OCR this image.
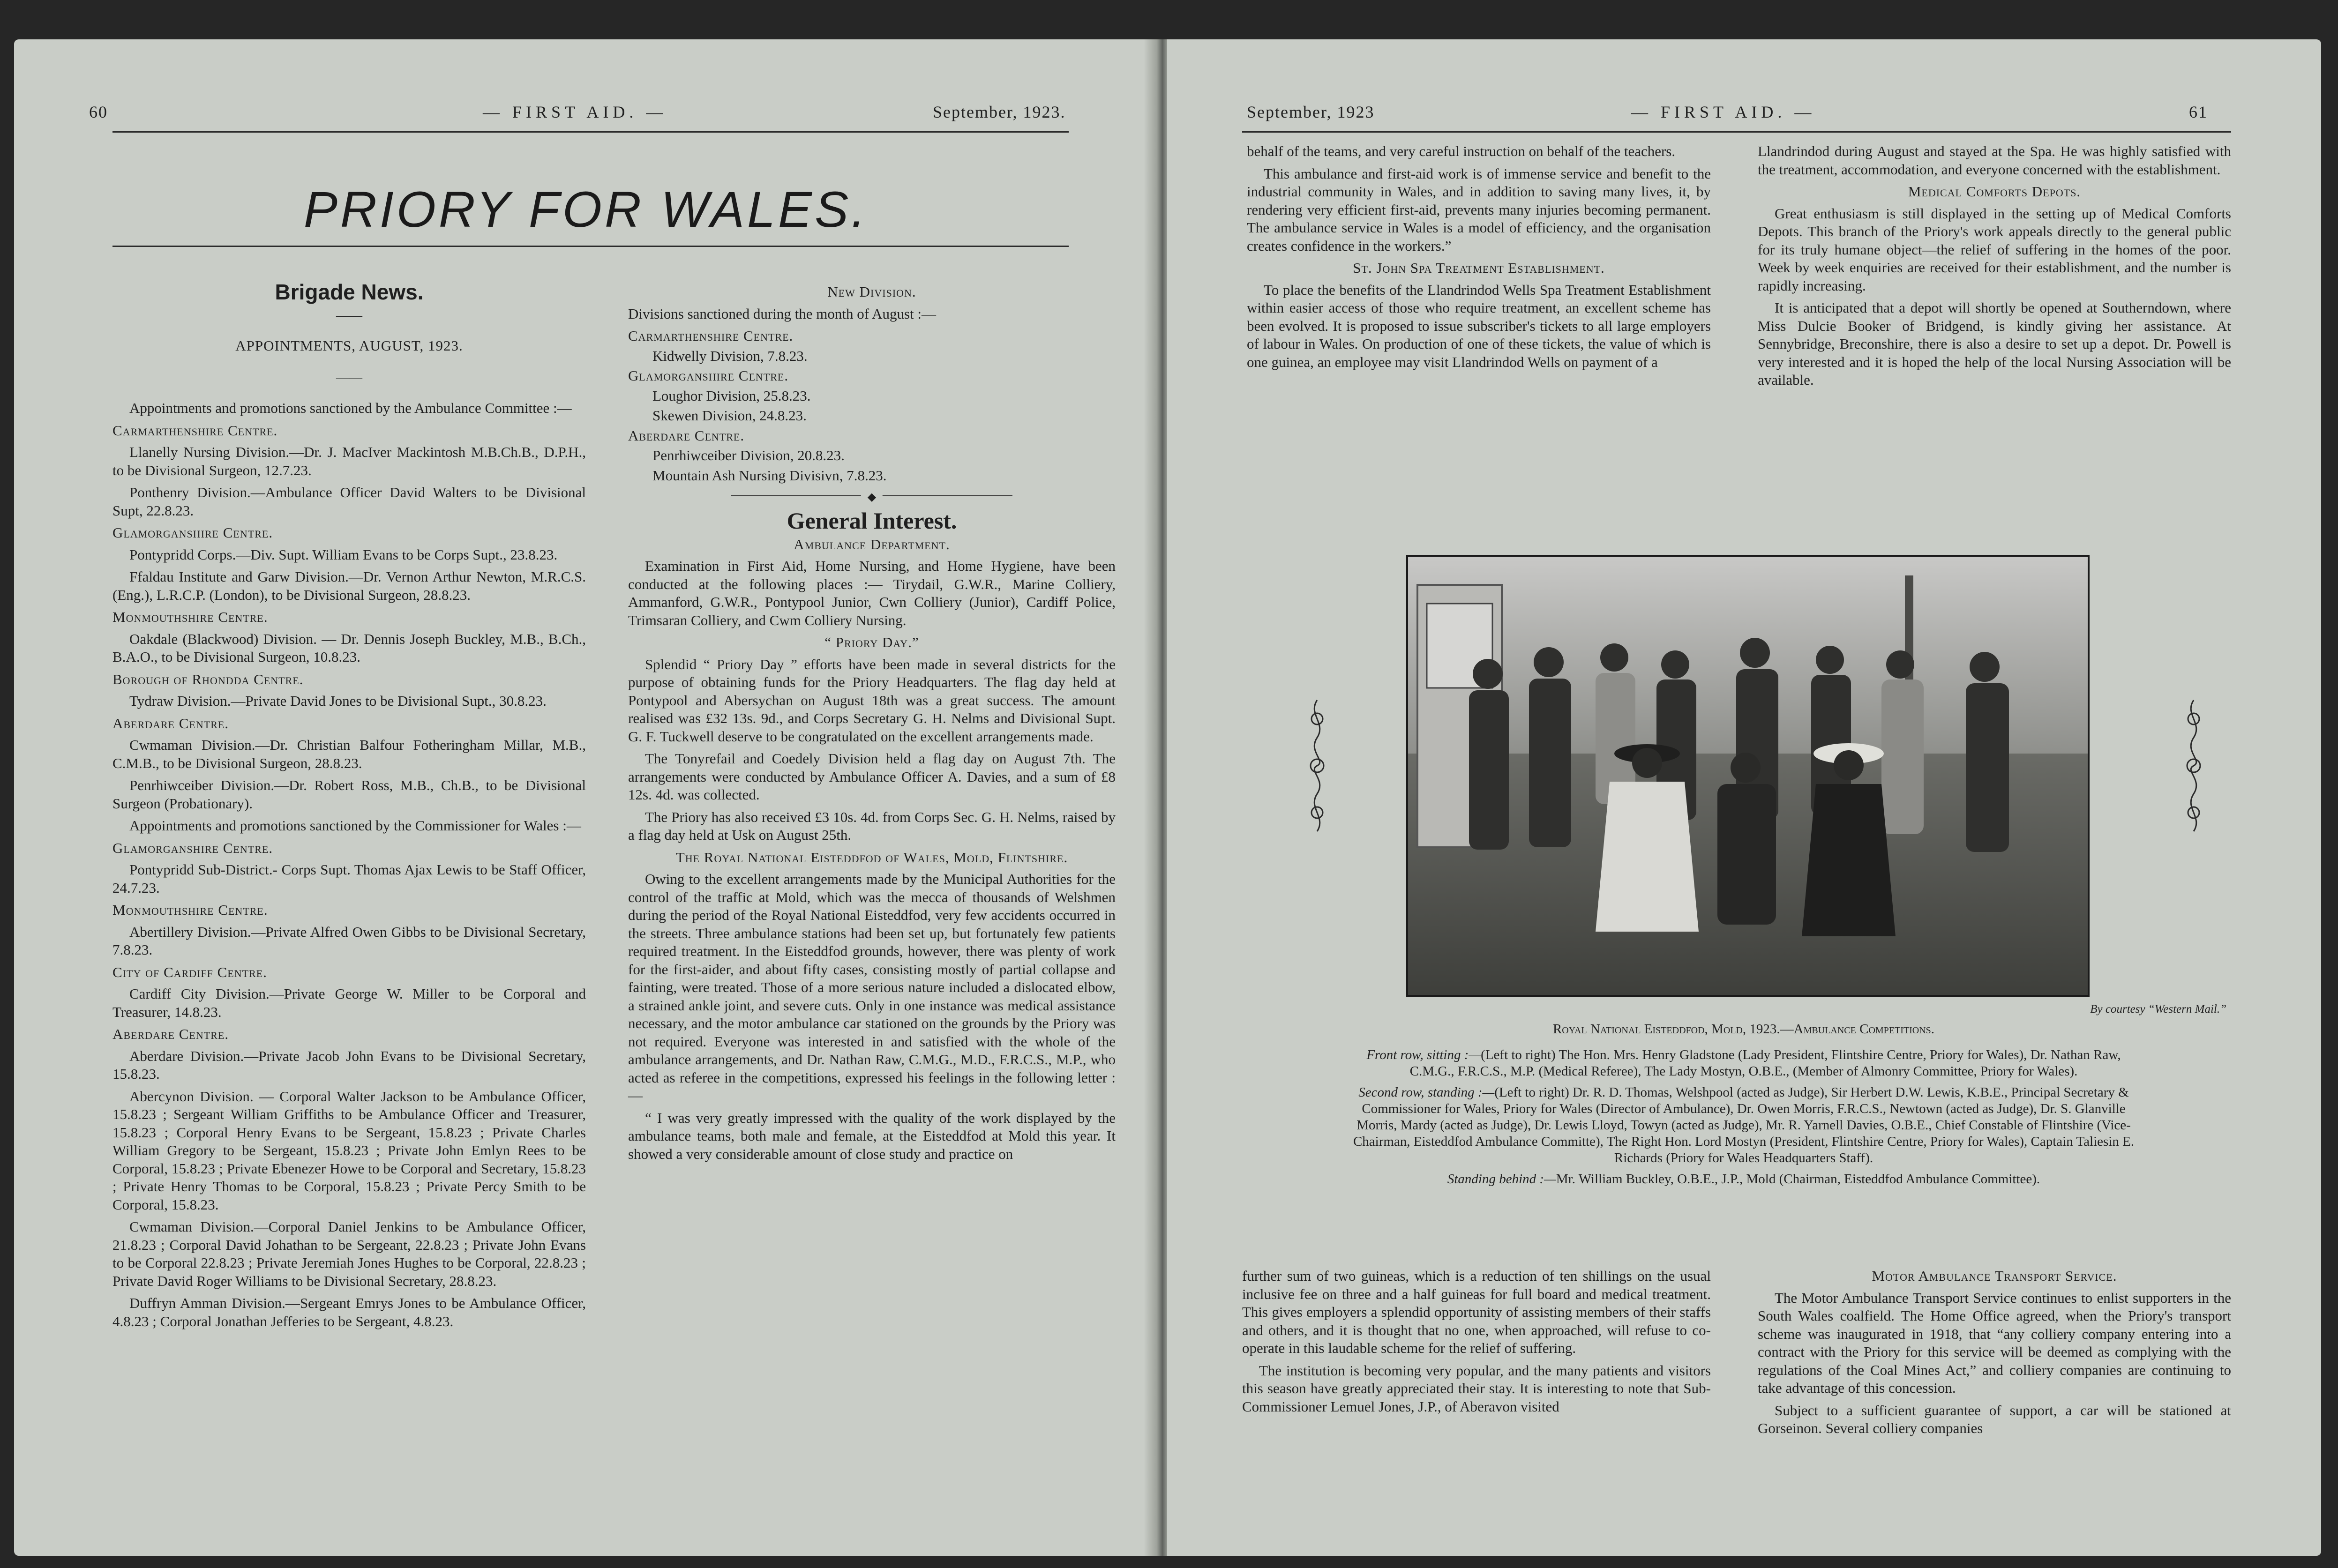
60	— FIRST AID. —	September, 1923.
PRIORY FOR WALES.
Brigade News.
——
APPOINTMENTS, AUGUST, 1923.
——

Appointments and promotions sanctioned by the Ambulance Committee :—

Carmarthenshire Centre.

Llanelly Nursing Division.—Dr. J. MacIver Mackintosh M.B.Ch.B., D.P.H., to be Divisional Surgeon, 12.7.23.

Ponthenry Division.—Ambulance Officer David Walters to be Divisional Supt, 22.8.23.

Glamorganshire Centre.

Pontypridd Corps.—Div. Supt. William Evans to be Corps Supt., 23.8.23.

Ffaldau Institute and Garw Division.—Dr. Vernon Arthur Newton, M.R.C.S. (Eng.), L.R.C.P. (London), to be Divisional Surgeon, 28.8.23.

Monmouthshire Centre.

Oakdale (Blackwood) Division. — Dr. Dennis Joseph Buckley, M.B., B.Ch., B.A.O., to be Divisional Surgeon, 10.8.23.

Borough of Rhondda Centre.

Tydraw Division.—Private David Jones to be Divisional Supt., 30.8.23.

Aberdare Centre.

Cwmaman Division.—Dr. Christian Balfour Fotheringham Millar, M.B., C.M.B., to be Divisional Surgeon, 28.8.23.

Penrhiwceiber Division.—Dr. Robert Ross, M.B., Ch.B., to be Divisional Surgeon (Probationary).

Appointments and promotions sanctioned by the Commissioner for Wales :—

Glamorganshire Centre.

Pontypridd Sub-District.- Corps Supt. Thomas Ajax Lewis to be Staff Officer, 24.7.23.

Monmouthshire Centre.

Abertillery Division.—Private Alfred Owen Gibbs to be Divisional Secretary, 7.8.23.

City of Cardiff Centre.

Cardiff City Division.—Private George W. Miller to be Corporal and Treasurer, 14.8.23.

Aberdare Centre.

Aberdare Division.—Private Jacob John Evans to be Divisional Secretary, 15.8.23.

Abercynon Division. — Corporal Walter Jackson to be Ambulance Officer, 15.8.23 ; Sergeant William Griffiths to be Ambulance Officer and Treasurer, 15.8.23 ; Corporal Henry Evans to be Sergeant, 15.8.23 ; Private Charles William Gregory to be Sergeant, 15.8.23 ; Private John Emlyn Rees to be Corporal, 15.8.23 ; Private Ebenezer Howe to be Corporal and Secretary, 15.8.23 ; Private Henry Thomas to be Corporal, 15.8.23 ; Private Percy Smith to be Corporal, 15.8.23.

Cwmaman Division.—Corporal Daniel Jenkins to be Ambulance Officer, 21.8.23 ; Corporal David Johathan to be Sergeant, 22.8.23 ; Private John Evans to be Corporal 22.8.23 ; Private Jeremiah Jones Hughes to be Corporal, 22.8.23 ; Private David Roger Williams to be Divisional Secretary, 28.8.23.

Duffryn Amman Division.—Sergeant Emrys Jones to be Ambulance Officer, 4.8.23 ; Corporal Jonathan Jefferies to be Sergeant, 4.8.23.

New Division.

Divisions sanctioned during the month of August :—

Carmarthenshire Centre.
Kidwelly Division, 7.8.23.
Glamorganshire Centre.
Loughor Division, 25.8.23.
Skewen Division, 24.8.23.
Aberdare Centre.
Penrhiwceiber Division, 20.8.23.
Mountain Ash Nursing Divisivn, 7.8.23.
◆
General Interest.
Ambulance Department.

Examination in First Aid, Home Nursing, and Home Hygiene, have been conducted at the following places :— Tirydail, G.W.R., Marine Colliery, Ammanford, G.W.R., Pontypool Junior, Cwn Colliery (Junior), Cardiff Police, Trimsaran Colliery, and Cwm Colliery Nursing.

“ Priory Day.”

Splendid “ Priory Day ” efforts have been made in several districts for the purpose of obtaining funds for the Priory Headquarters. The flag day held at Pontypool and Abersychan on August 18th was a great success. The amount realised was £32 13s. 9d., and Corps Secretary G. H. Nelms and Divisional Supt. G. F. Tuckwell deserve to be congratulated on the excellent arrangements made.

The Tonyrefail and Coedely Division held a flag day on August 7th. The arrangements were conducted by Ambulance Officer A. Davies, and a sum of £8 12s. 4d. was collected.

The Priory has also received £3 10s. 4d. from Corps Sec. G. H. Nelms, raised by a flag day held at Usk on August 25th.

The Royal National Eisteddfod of Wales, Mold, Flintshire.

Owing to the excellent arrangements made by the Municipal Authorities for the control of the traffic at Mold, which was the mecca of thousands of Welshmen during the period of the Royal National Eisteddfod, very few accidents occurred in the streets. Three ambulance stations had been set up, but fortunately few patients required treatment. In the Eisteddfod grounds, however, there was plenty of work for the first-aider, and about fifty cases, consisting mostly of partial collapse and fainting, were treated. Those of a more serious nature included a dislocated elbow, a strained ankle joint, and severe cuts. Only in one instance was medical assistance necessary, and the motor ambulance car stationed on the grounds by the Priory was not required. Everyone was interested in and satisfied with the whole of the ambulance arrangements, and Dr. Nathan Raw, C.M.G., M.D., F.R.C.S., M.P., who acted as referee in the competitions, expressed his feelings in the following letter :—

“ I was very greatly impressed with the quality of the work displayed by the ambulance teams, both male and female, at the Eisteddfod at Mold this year. It showed a very considerable amount of close study and practice on

September, 1923	— FIRST AID. —	61

behalf of the teams, and very careful instruction on behalf of the teachers.

This ambulance and first-aid work is of immense service and benefit to the industrial community in Wales, and in addition to saving many lives, it, by rendering very efficient first-aid, prevents many injuries becoming permanent. The ambulance service in Wales is a model of efficiency, and the organisation creates confidence in the workers.”

St. John Spa Treatment Establishment.

To place the benefits of the Llandrindod Wells Spa Treatment Establishment within easier access of those who require treatment, an excellent scheme has been evolved. It is proposed to issue subscriber's tickets to all large employers of labour in Wales. On production of one of these tickets, the value of which is one guinea, an employee may visit Llandrindod Wells on payment of a

Llandrindod during August and stayed at the Spa. He was highly satisfied with the treatment, accommodation, and everyone concerned with the establishment.

Medical Comforts Depots.

Great enthusiasm is still displayed in the setting up of Medical Comforts Depots. This branch of the Priory's work appeals directly to the general public for its truly humane object—the relief of suffering in the homes of the poor. Week by week enquiries are received for their establishment, and the number is rapidly increasing.

It is anticipated that a depot will shortly be opened at Southerndown, where Miss Dulcie Booker of Bridgend, is kindly giving her assistance. At Sennybridge, Breconshire, there is also a desire to set up a depot. Dr. Powell is very interested and it is hoped the help of the local Nursing Association will be available.

By courtesy “Western Mail.”
Royal National Eisteddfod, Mold, 1923.—Ambulance Competitions.
Front row, sitting :—(Left to right) The Hon. Mrs. Henry Gladstone (Lady President, Flintshire Centre, Priory for Wales), Dr. Nathan Raw, C.M.G., F.R.C.S., M.P. (Medical Referee), The Lady Mostyn, O.B.E., (Member of Almonry Committee, Priory for Wales).
Second row, standing :—(Left to right) Dr. R. D. Thomas, Welshpool (acted as Judge), Sir Herbert D.W. Lewis, K.B.E., Principal Secretary & Commissioner for Wales, Priory for Wales (Director of Ambulance), Dr. Owen Morris, F.R.C.S., Newtown (acted as Judge), Dr. S. Glanville Morris, Mardy (acted as Judge), Dr. Lewis Lloyd, Towyn (acted as Judge), Mr. R. Yarnell Davies, O.B.E., Chief Constable of Flintshire (Vice-Chairman, Eisteddfod Ambulance Committe), The Right Hon. Lord Mostyn (President, Flintshire Centre, Priory for Wales), Captain Taliesin E. Richards (Priory for Wales Headquarters Staff).
Standing behind :—Mr. William Buckley, O.B.E., J.P., Mold (Chairman, Eisteddfod Ambulance Committee).

further sum of two guineas, which is a reduction of ten shillings on the usual inclusive fee on three and a half guineas for full board and medical treatment. This gives employers a splendid opportunity of assisting members of their staffs and others, and it is thought that no one, when approached, will refuse to co-operate in this laudable scheme for the relief of suffering.

The institution is becoming very popular, and the many patients and visitors this season have greatly appreciated their stay. It is interesting to note that Sub-Commissioner Lemuel Jones, J.P., of Aberavon visited

Motor Ambulance Transport Service.

The Motor Ambulance Transport Service continues to enlist supporters in the South Wales coalfield. The Home Office agreed, when the Priory's transport scheme was inaugurated in 1918, that “any colliery company entering into a contract with the Priory for this service will be deemed as complying with the regulations of the Coal Mines Act,” and colliery companies are continuing to take advantage of this concession.

Subject to a sufficient guarantee of support, a car will be stationed at Gorseinon. Several colliery companies
